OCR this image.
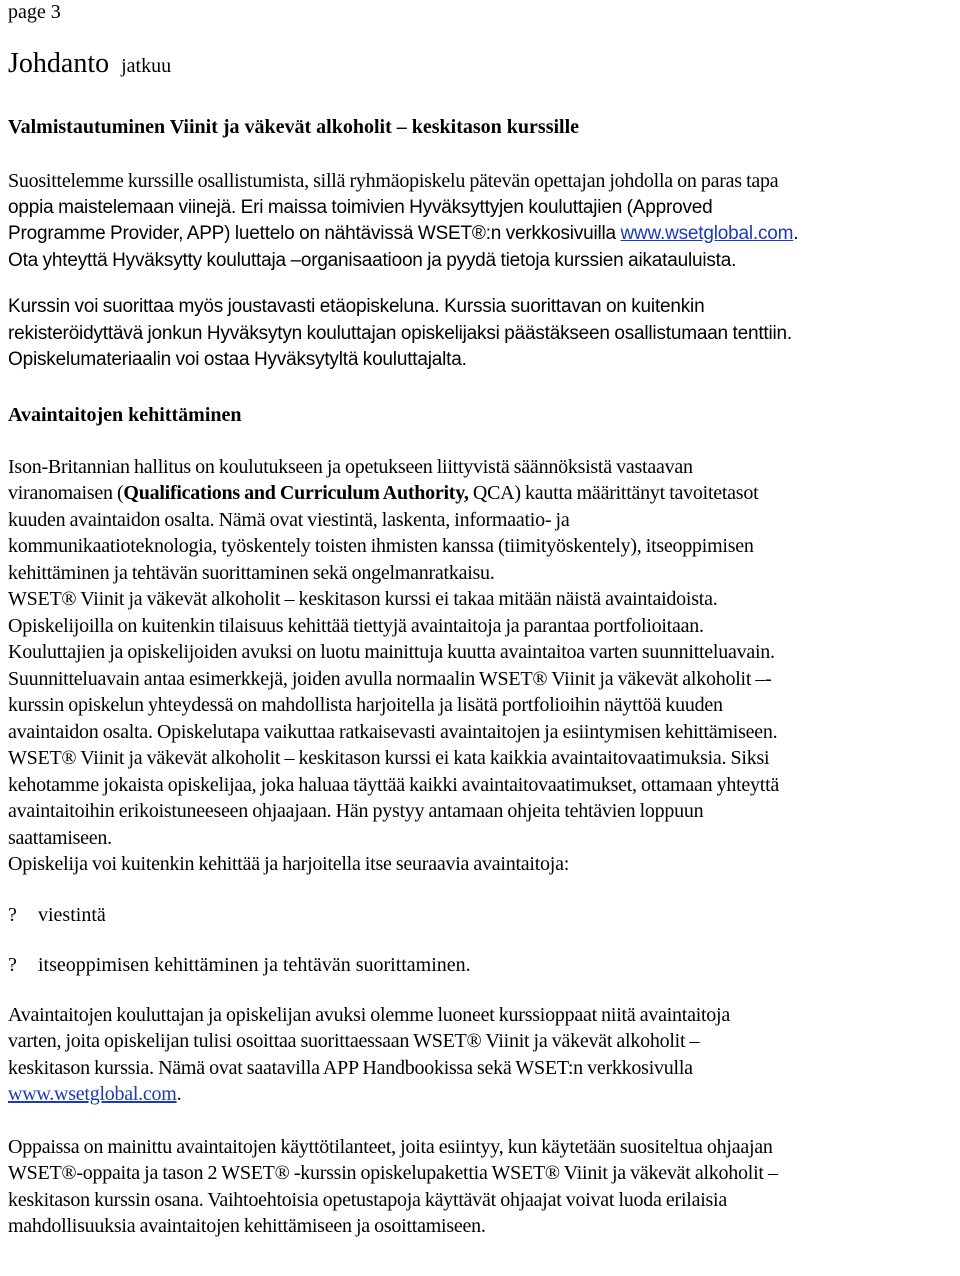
page 3

Johdanto jatkuu

Valmistautuminen Viinit ja väkevät alkoholit – keskitason kurssille

Suosittelemme kurssille osallistumista, sillä ryhmäopiskelu pätevän opettajan johdolla on paras tapa
oppia maistelemaan viinejä. Eri maissa toimivien Hyväksyttyjen kouluttajien (Approved
Programme Provider, APP) luettelo on nähtävissä WSET®:n verkkosivuilla www.wsetglobal.com.
Ota yhteyttä Hyväksytty kouluttaja –organisaatioon ja pyydä tietoja kurssien aikatauluista.
Kurssin voi suorittaa myös joustavasti etäopiskeluna. Kurssia suorittavan on kuitenkin
rekisteröidyttävä jonkun Hyväksytyn kouluttajan opiskelijaksi päästäkseen osallistumaan tenttiin.
Opiskelumateriaalin voi ostaa Hyväksytyltä kouluttajalta.

Avaintaitojen kehittäminen

Ison-Britannian hallitus on koulutukseen ja opetukseen liittyvistä säännöksistä vastaavan
viranomaisen (Qualifications and Curriculum Authority, QCA) kautta määrittänyt tavoitetasot
kuuden avaintaidon osalta. Nämä ovat viestintä, laskenta, informaatio- ja
kommunikaatioteknologia, työskentely toisten ihmisten kanssa (tiimityöskentely), itseoppimisen
kehittäminen ja tehtävän suorittaminen sekä ongelmanratkaisu.
WSET® Viinit ja väkevät alkoholit – keskitason kurssi ei takaa mitään näistä avaintaidoista.
Opiskelijoilla on kuitenkin tilaisuus kehittää tiettyjä avaintaitoja ja parantaa portfolioitaan.
Kouluttajien ja opiskelijoiden avuksi on luotu mainittuja kuutta avaintaitoa varten suunnitteluavain.
Suunnitteluavain antaa esimerkkejä, joiden avulla normaalin WSET® Viinit ja väkevät alkoholit –-
kurssin opiskelun yhteydessä on mahdollista harjoitella ja lisätä portfolioihin näyttöä kuuden
avaintaidon osalta. Opiskelutapa vaikuttaa ratkaisevasti avaintaitojen ja esiintymisen kehittämiseen.
WSET® Viinit ja väkevät alkoholit – keskitason kurssi ei kata kaikkia avaintaitovaatimuksia. Siksi
kehotamme jokaista opiskelijaa, joka haluaa täyttää kaikki avaintaitovaatimukset, ottamaan yhteyttä
avaintaitoihin erikoistuneeseen ohjaajaan. Hän pystyy antamaan ohjeita tehtävien loppuun
saattamiseen.
Opiskelija voi kuitenkin kehittää ja harjoitella itse seuraavia avaintaitoja:

? viestintä

? itseoppimisen kehittäminen ja tehtävän suorittaminen.

Avaintaitojen kouluttajan ja opiskelijan avuksi olemme luoneet kurssioppaat niitä avaintaitoja
varten, joita opiskelijan tulisi osoittaa suorittaessaan WSET® Viinit ja väkevät alkoholit –
keskitason kurssia. Nämä ovat saatavilla APP Handbookissa sekä WSET:n verkkosivulla
www.wsetglobal.com.
Oppaissa on mainittu avaintaitojen käyttötilanteet, joita esiintyy, kun käytetään suositeltua ohjaajan
WSET®-oppaita ja tason 2 WSET® -kurssin opiskelupakettia WSET® Viinit ja väkevät alkoholit –
keskitason kurssin osana. Vaihtoehtoisia opetustapoja käyttävät ohjaajat voivat luoda erilaisia
mahdollisuuksia avaintaitojen kehittämiseen ja osoittamiseen.
